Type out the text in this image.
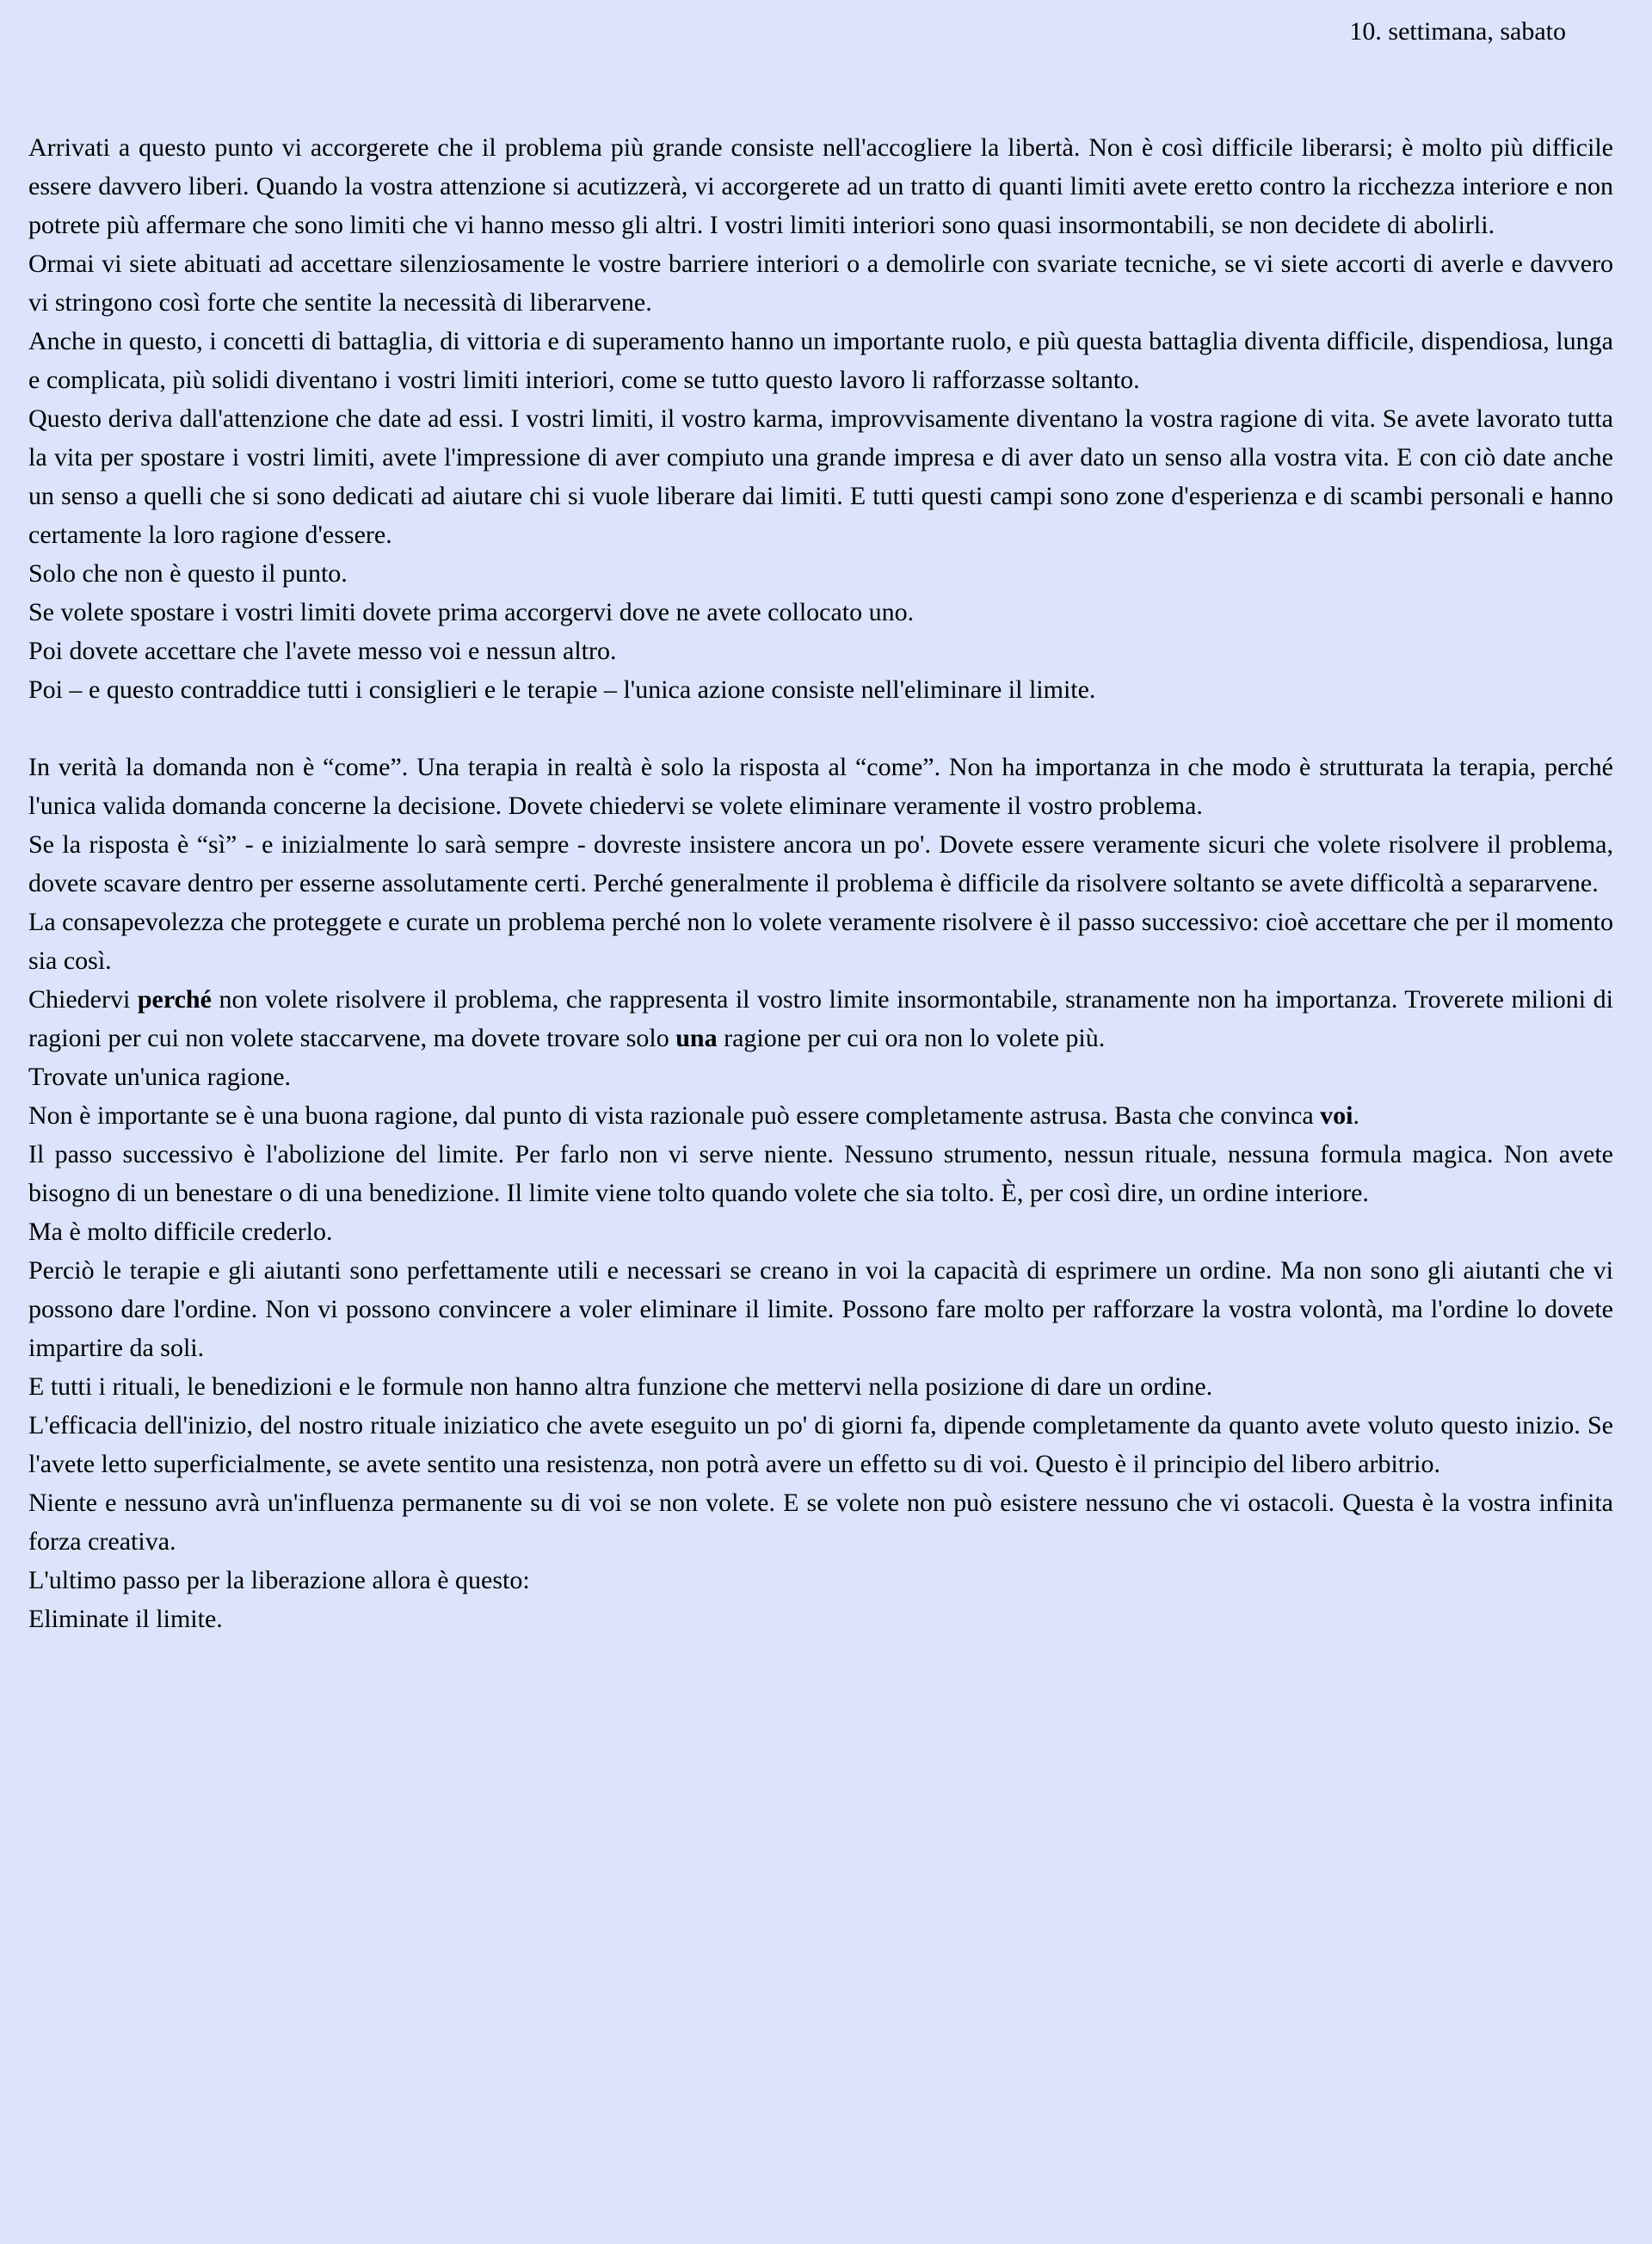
10. settimana, sabato

Arrivati a questo punto vi accorgerete che il problema più grande consiste nell'accogliere la libertà. Non è così difficile liberarsi; è molto più difficile essere davvero liberi. Quando la vostra attenzione si acutizzerà, vi accorgerete ad un tratto di quanti limiti avete eretto contro la ricchezza interiore e non potrete più affermare che sono limiti che vi hanno messo gli altri. I vostri limiti interiori sono quasi insormontabili, se non decidete di abolirli.

Ormai vi siete abituati ad accettare silenziosamente le vostre barriere interiori o a demolirle con svariate tecniche, se vi siete accorti di averle e davvero vi stringono così forte che sentite la necessità di liberarvene.

Anche in questo, i concetti di battaglia, di vittoria e di superamento hanno un importante ruolo, e più questa battaglia diventa difficile, dispendiosa, lunga e complicata, più solidi diventano i vostri limiti interiori, come se tutto questo lavoro li rafforzasse soltanto.

Questo deriva dall'attenzione che date ad essi. I vostri limiti, il vostro karma, improvvisamente diventano la vostra ragione di vita. Se avete lavorato tutta la vita per spostare i vostri limiti, avete l'impressione di aver compiuto una grande impresa e di aver dato un senso alla vostra vita. E con ciò date anche un senso a quelli che si sono dedicati ad aiutare chi si vuole liberare dai limiti. E tutti questi campi sono zone d'esperienza e di scambi personali e hanno certamente la loro ragione d'essere.

Solo che non è questo il punto.

Se volete spostare i vostri limiti dovete prima accorgervi dove ne avete collocato uno.

Poi dovete accettare che l'avete messo voi e nessun altro.

Poi – e questo contraddice tutti i consiglieri e le terapie – l'unica azione consiste nell'eliminare il limite.

In verità la domanda non è “come”. Una terapia in realtà è solo la risposta al “come”. Non ha importanza in che modo è strutturata la terapia, perché l'unica valida domanda concerne la decisione. Dovete chiedervi se volete eliminare veramente il vostro problema.

Se la risposta è “sì” - e inizialmente lo sarà sempre - dovreste insistere ancora un po'. Dovete essere veramente sicuri che volete risolvere il problema, dovete scavare dentro per esserne assolutamente certi. Perché generalmente il problema è difficile da risolvere soltanto se avete difficoltà a separarvene.

La consapevolezza che proteggete e curate un problema perché non lo volete veramente risolvere è il passo successivo: cioè accettare che per il momento sia così.

Chiedervi perché non volete risolvere il problema, che rappresenta il vostro limite insormontabile, stranamente non ha importanza. Troverete milioni di ragioni per cui non volete staccarvene, ma dovete trovare solo una ragione per cui ora non lo volete più.

Trovate un'unica ragione.

Non è importante se è una buona ragione, dal punto di vista razionale può essere completamente astrusa. Basta che convinca voi.

Il passo successivo è l'abolizione del limite. Per farlo non vi serve niente. Nessuno strumento, nessun rituale, nessuna formula magica. Non avete bisogno di un benestare o di una benedizione. Il limite viene tolto quando volete che sia tolto. È, per così dire, un ordine interiore.

Ma è molto difficile crederlo.

Perciò le terapie e gli aiutanti sono perfettamente utili e necessari se creano in voi la capacità di esprimere un ordine. Ma non sono gli aiutanti che vi possono dare l'ordine. Non vi possono convincere a voler eliminare il limite. Possono fare molto per rafforzare la vostra volontà, ma l'ordine lo dovete impartire da soli.

E tutti i rituali, le benedizioni e le formule non hanno altra funzione che mettervi nella posizione di dare un ordine.

L'efficacia dell'inizio, del nostro rituale iniziatico che avete eseguito un po' di giorni fa, dipende completamente da quanto avete voluto questo inizio. Se l'avete letto superficialmente, se avete sentito una resistenza, non potrà avere un effetto su di voi. Questo è il principio del libero arbitrio.

Niente e nessuno avrà un'influenza permanente su di voi se non volete. E se volete non può esistere nessuno che vi ostacoli. Questa è la vostra infinita forza creativa.

L'ultimo passo per la liberazione allora è questo:

Eliminate il limite.
